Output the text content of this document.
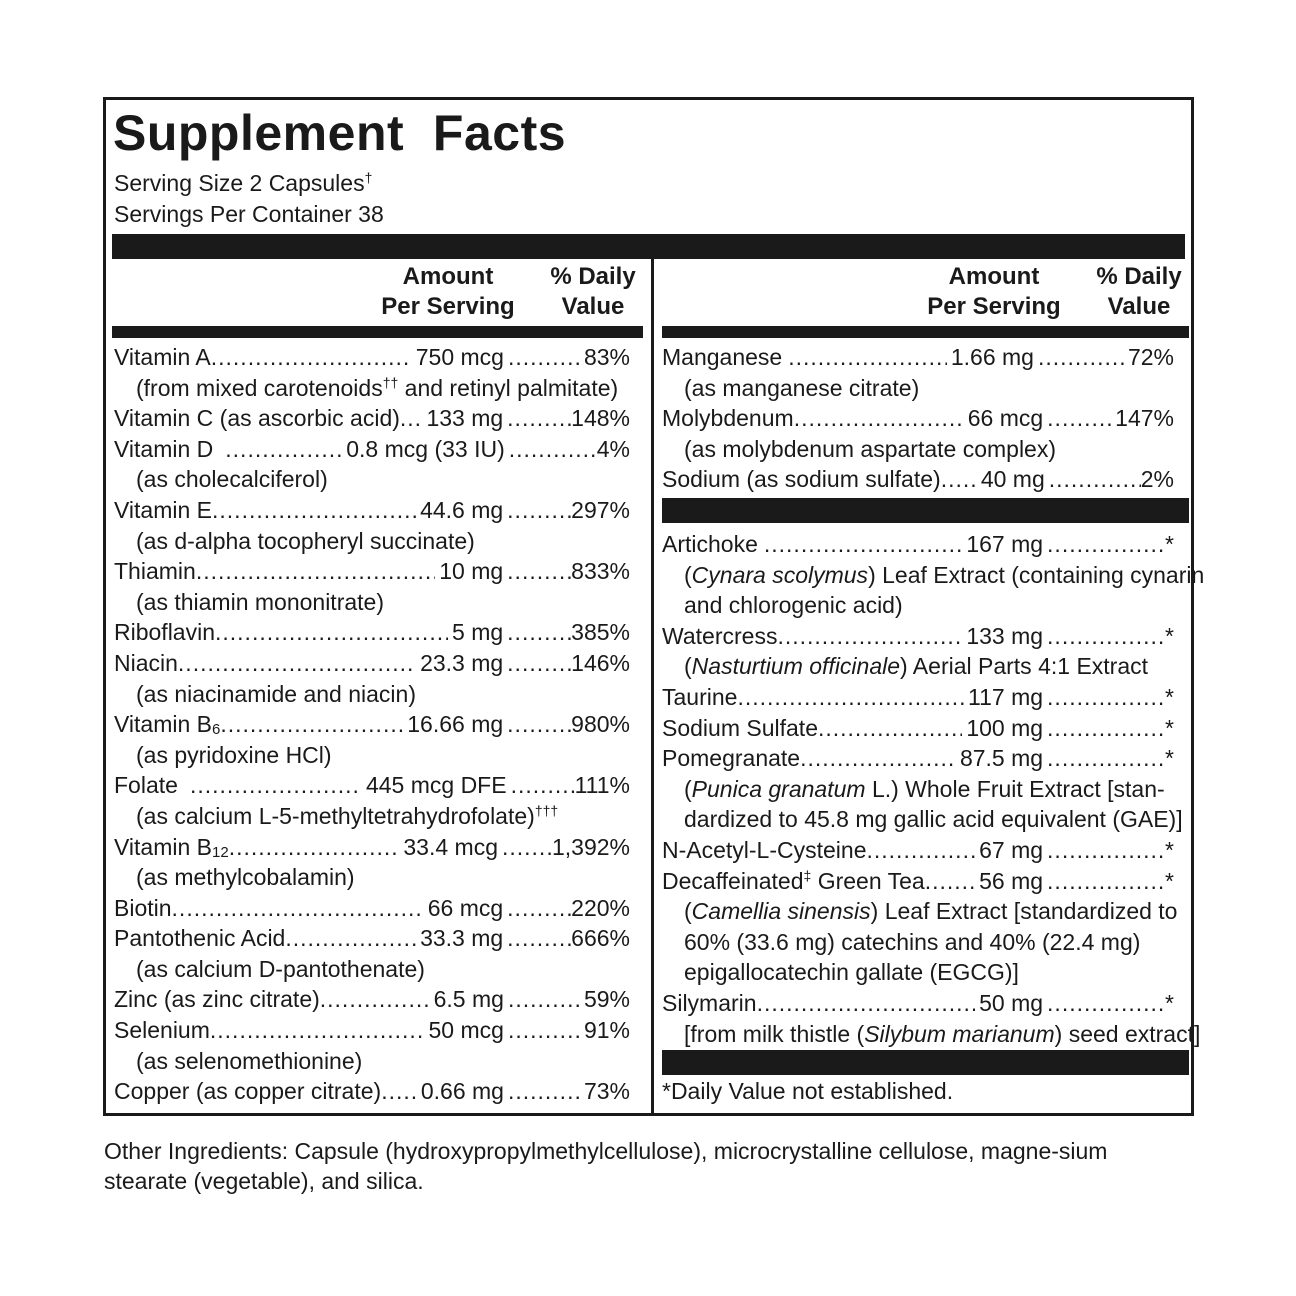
Supplement  Facts
Serving Size 2 Capsules†
Servings Per Container 38
Amount
Per Serving
% Daily
Value
Amount
Per Serving
% Daily
Value
Vitamin A .....	750 mcg .....	83%
(from mixed carotenoids†† and retinyl palmitate)
Vitamin C (as ascorbic acid) ..... 133 mg .....	148%
Vitamin D .....	0.8 mcg (33 IU) .....	4%
(as cholecalciferol)
Vitamin E .....	44.6 mg .....	297%
(as d-alpha tocopheryl succinate)
Thiamin .....	10 mg .....	833%
(as thiamin mononitrate)
Riboflavin .....	5 mg .....	385%
Niacin .....	23.3 mg .....	146%
(as niacinamide and niacin)
Vitamin $B_6$ .....	16.66 mg .....	980%
(as pyridoxine HCl)
Folate .....	445 mcg DFE .....	111%
(as calcium L-5-methyltetrahydrofolate)†††
Vitamin $B_{12}$ .....	33.4 mcg ..... 1,392%
(as methylcobalamin)
Biotin .....	66 mcg .....	220%
Pantothenic Acid .....	33.3 mg .....	666%
(as calcium D-pantothenate)
Zinc (as zinc citrate) .....	6.5 mg .....	59%
Selenium .....	50 mcg .....	91%
(as selenomethionine)
Copper (as copper citrate) ..... 0.66 mg .....	73%
Manganese .....	1.66 mg .....	72%
(as manganese citrate)
Molybdenum .....	66 mcg .....	147%
(as molybdenum aspartate complex)
Sodium (as sodium sulfate) ..... 40 mg .....	2%
Artichoke .....	167 mg .....	*
(Cynara scolymus) Leaf Extract (containing cynarin
and chlorogenic acid)
Watercress .....	133 mg .....	*
(Nasturtium officinale) Aerial Parts 4:1 Extract
Taurine .....	117 mg .....	*
Sodium Sulfate .....	100 mg .....	*
Pomegranate .....	87.5 mg .....	*
(Punica granatum L.) Whole Fruit Extract [stan-
dardized to 45.8 mg gallic acid equivalent (GAE)]
N-Acetyl-L-Cysteine .....	67 mg .....	*
Decaffeinated‡ Green Tea ..... 56 mg .....	*
(Camellia sinensis) Leaf Extract [standardized to
60% (33.6 mg) catechins and 40% (22.4 mg)
epigallocatechin gallate (EGCG)]
Silymarin .....	50 mg .....	*
[from milk thistle (Silybum marianum) seed extract]
*Daily Value not established.

Other Ingredients: Capsule (hydroxypropylmethylcellulose), microcrystalline cellulose, magne-sium stearate (vegetable), and silica.
